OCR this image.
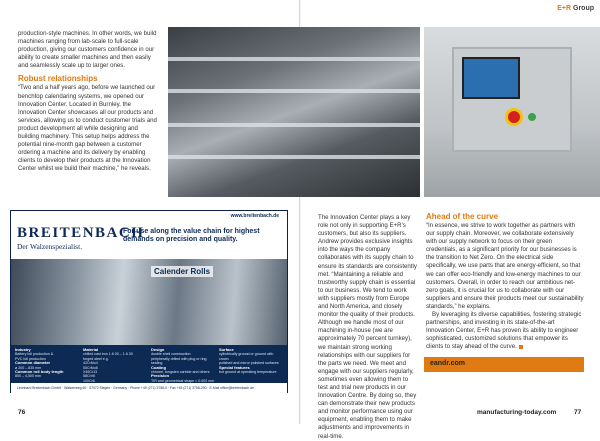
E+R Group

production-style machines. In other words, we build machines ranging from lab-scale to full-scale production, giving our customers confidence in our ability to create smaller machines and then easily and seamlessly scale up to larger ones.

Robust relationships

“Two and a half years ago, before we launched our benchtop calendaring systems, we opened our Innovation Center. Located in Burnley, the Innovation Center showcases all our products and services, allowing us to conduct customer trials and product development all while designing and building machinery. This setup helps address the potential nine-month gap between a customer ordering a machine and its delivery by enabling clients to develop their products at the Innovation Center whilst we build their machine,” he reveals.

www.breitenbach.de
BREITENBACH
Der Walzenspezialist.
For use along the value chain for highest demands on precision and quality.
Calender Rolls
Industry
Battery foil production &
PVC foil production
Common diameter
ø 200 – 835 mm
Common roll body length
800 – 4,500 mm
Material
chilled cast iron 1.6 00 – 1.6 30
forged steel e.g.
42CrMo4
50CrMo6
X46Cr13
58CrV6
100Cr6
Design
double shell construction
peripherally drilled with plug or ring sealing
Coating
chrome, tungsten carbide and others
Precision
TIR and geometrical shape < 0.002 mm
Surface
cylindrically ground or ground with crown
polished and mirror polished surfaces
Special features
hot ground at operating temperature
Leonhard Breitenbach GmbH · Walzenweg 60 · 57072 Siegen · Germany · Phone +49 (271) 3758-0 · Fax +49 (271) 3758-290 · E-Mail office@breitenbach.de

The Innovation Center plays a key role not only in supporting E+R’s customers, but also its suppliers. Andrew provides exclusive insights into the ways the company collaborates with its supply chain to ensure its standards are consistently met. “Maintaining a reliable and trustworthy supply chain is essential to our business. We tend to work with suppliers mostly from Europe and North America, and closely monitor the quality of their products. Although we handle most of our machining in-house (we are approximately 70 percent turnkey), we maintain strong working relationships with our suppliers for the parts we need. We meet and engage with our suppliers regularly, sometimes even allowing them to test and trial new products in our Innovation Centre. By doing so, they can demonstrate their new products and monitor performance using our equipment, enabling them to make adjustments and improvements in real-time.

Ahead of the curve

“In essence, we strive to work together as partners with our supply chain. Moreover, we collaborate extensively with our supply network to focus on their green credentials, as a significant priority for our businesses is the transition to Net Zero. On the electrical side specifically, we use parts that are energy-efficient, so that we can offer eco-friendly and low-energy machines to our customers. Overall, in order to reach our ambitious net-zero goals, it is crucial for us to collaborate with our suppliers and ensure their products meet our sustainability standards,” he explains.

By leveraging its diverse capabilities, fostering strategic partnerships, and investing in its state-of-the-art Innovation Center, E+R has proven its ability to engineer sophisticated, customized solutions that empower its clients to stay ahead of the curve.

eandr.com
76	manufacturing-today.com	77
